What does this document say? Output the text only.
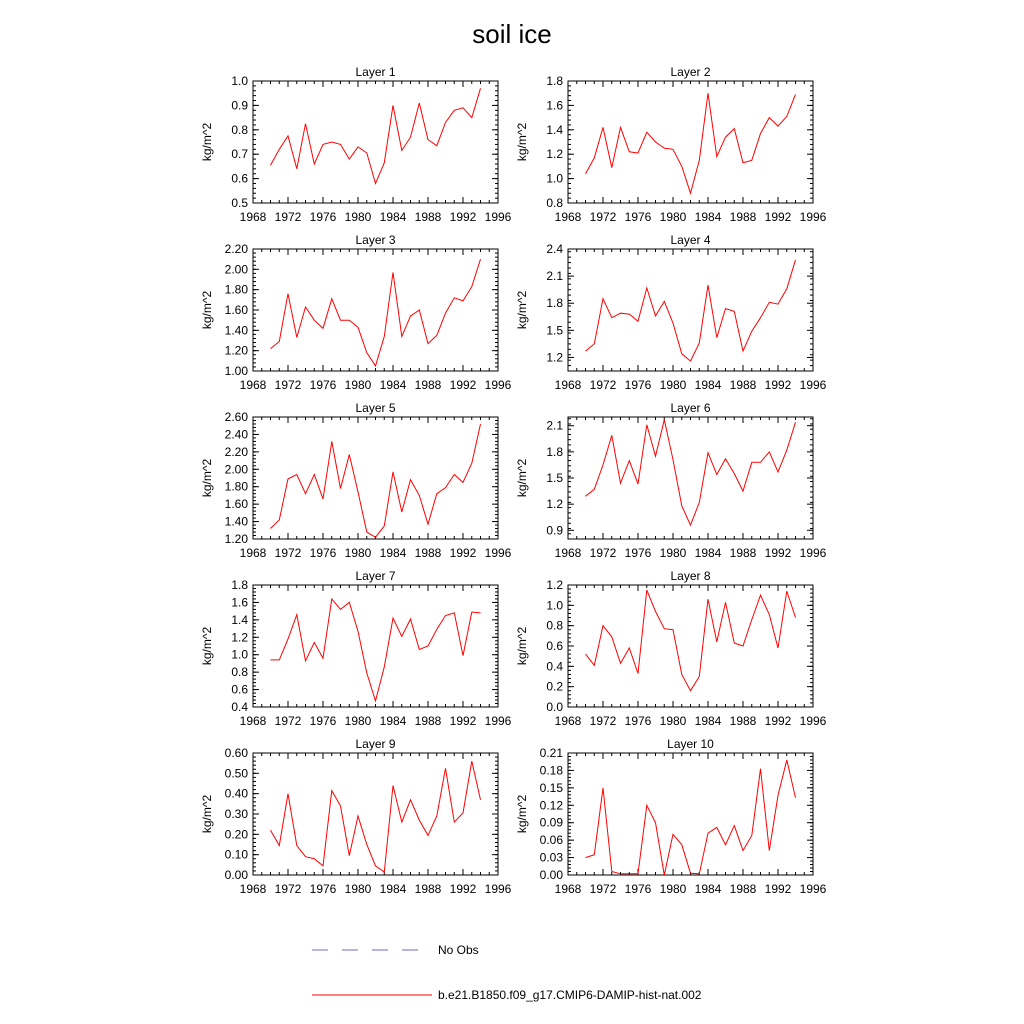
soil ice
Layer 1
1968 1972 1976 1980 1984 1988 1992 1996
0.5
0.6
0.7
0.8
0.9
1.0
kg/m^2
Layer 2
1968 1972 1976 1980 1984 1988 1992 1996
0.8
1.0
1.2
1.4
1.6
1.8
kg/m^2
Layer 3
1968 1972 1976 1980 1984 1988 1992 1996
1.00
1.20
1.40
1.60
1.80
2.00
2.20
kg/m^2
Layer 4
1968 1972 1976 1980 1984 1988 1992 1996
1.2
1.5
1.8
2.1
2.4
kg/m^2
Layer 5
1968 1972 1976 1980 1984 1988 1992 1996
1.20
1.40
1.60
1.80
2.00
2.20
2.40
2.60
kg/m^2
Layer 6
1968 1972 1976 1980 1984 1988 1992 1996
0.9
1.2
1.5
1.8
2.1
kg/m^2
Layer 7
1968 1972 1976 1980 1984 1988 1992 1996
0.4
0.6
0.8
1.0
1.2
1.4
1.6
1.8
kg/m^2
Layer 8
1968 1972 1976 1980 1984 1988 1992 1996
0.0
0.2
0.4
0.6
0.8
1.0
1.2
kg/m^2
Layer 9
1968 1972 1976 1980 1984 1988 1992 1996
0.00
0.10
0.20
0.30
0.40
0.50
0.60
kg/m^2
Layer 10
1968 1972 1976 1980 1984 1988 1992 1996
0.00
0.03
0.06
0.09
0.12
0.15
0.18
0.21
kg/m^2
No Obs
b.e21.B1850.f09_g17.CMIP6-DAMIP-hist-nat.002
